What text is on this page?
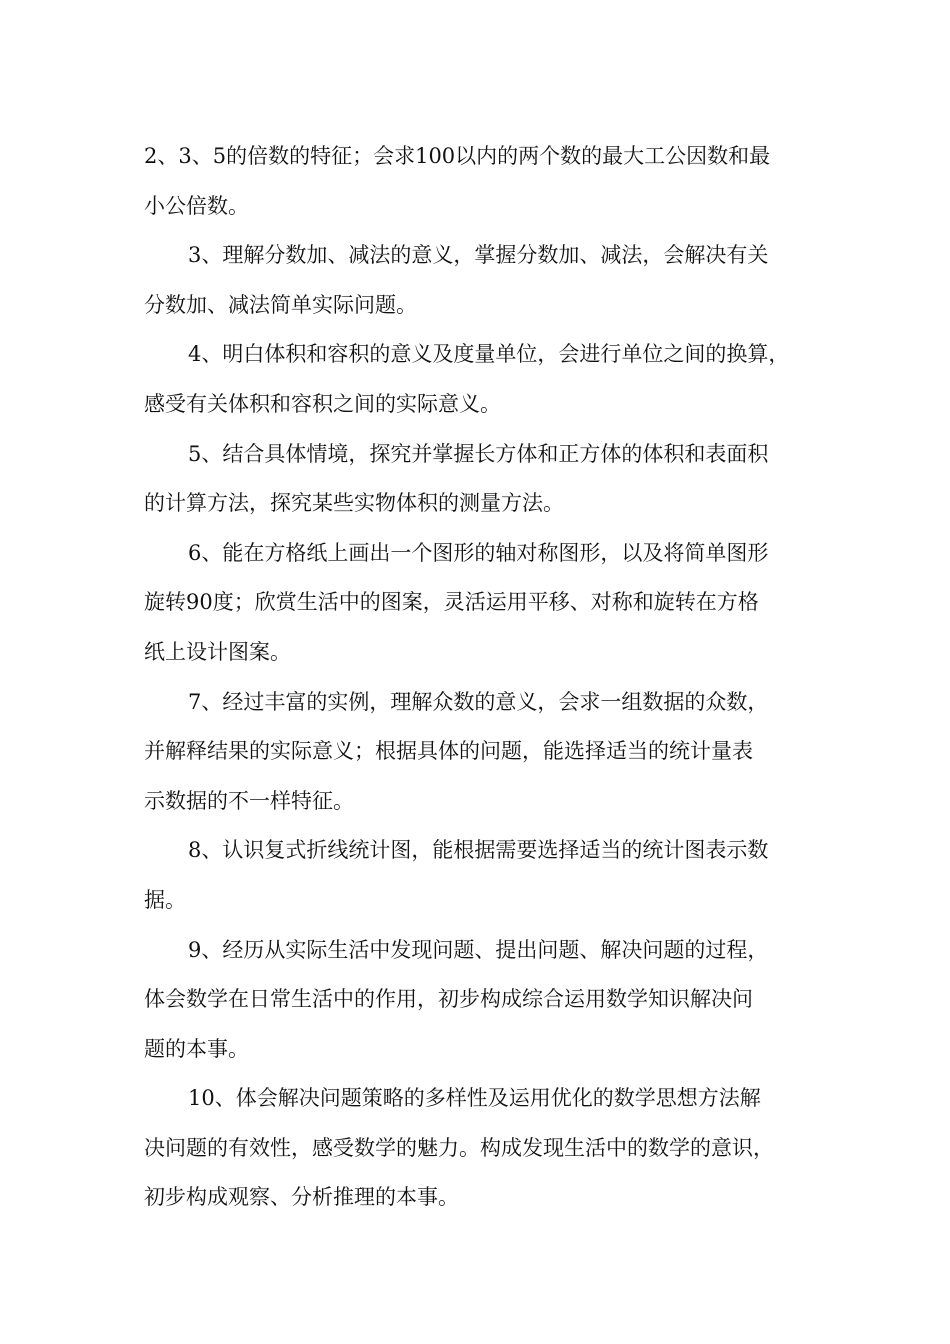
2、3、5的倍数的特征；会求100以内的两个数的最大工公因数和最
小公倍数。
3、理解分数加、减法的意义，掌握分数加、减法，会解决有关
分数加、减法简单实际问题。
4、明白体积和容积的意义及度量单位，会进行单位之间的换算，
感受有关体积和容积之间的实际意义。
5、结合具体情境，探究并掌握长方体和正方体的体积和表面积
的计算方法，探究某些实物体积的测量方法。
6、能在方格纸上画出一个图形的轴对称图形，以及将简单图形
旋转90度；欣赏生活中的图案，灵活运用平移、对称和旋转在方格
纸上设计图案。
7、经过丰富的实例，理解众数的意义，会求一组数据的众数，
并解释结果的实际意义；根据具体的问题，能选择适当的统计量表
示数据的不一样特征。
8、认识复式折线统计图，能根据需要选择适当的统计图表示数
据。
9、经历从实际生活中发现问题、提出问题、解决问题的过程，
体会数学在日常生活中的作用，初步构成综合运用数学知识解决问
题的本事。
10、体会解决问题策略的多样性及运用优化的数学思想方法解
决问题的有效性，感受数学的魅力。构成发现生活中的数学的意识，
初步构成观察、分析推理的本事。
